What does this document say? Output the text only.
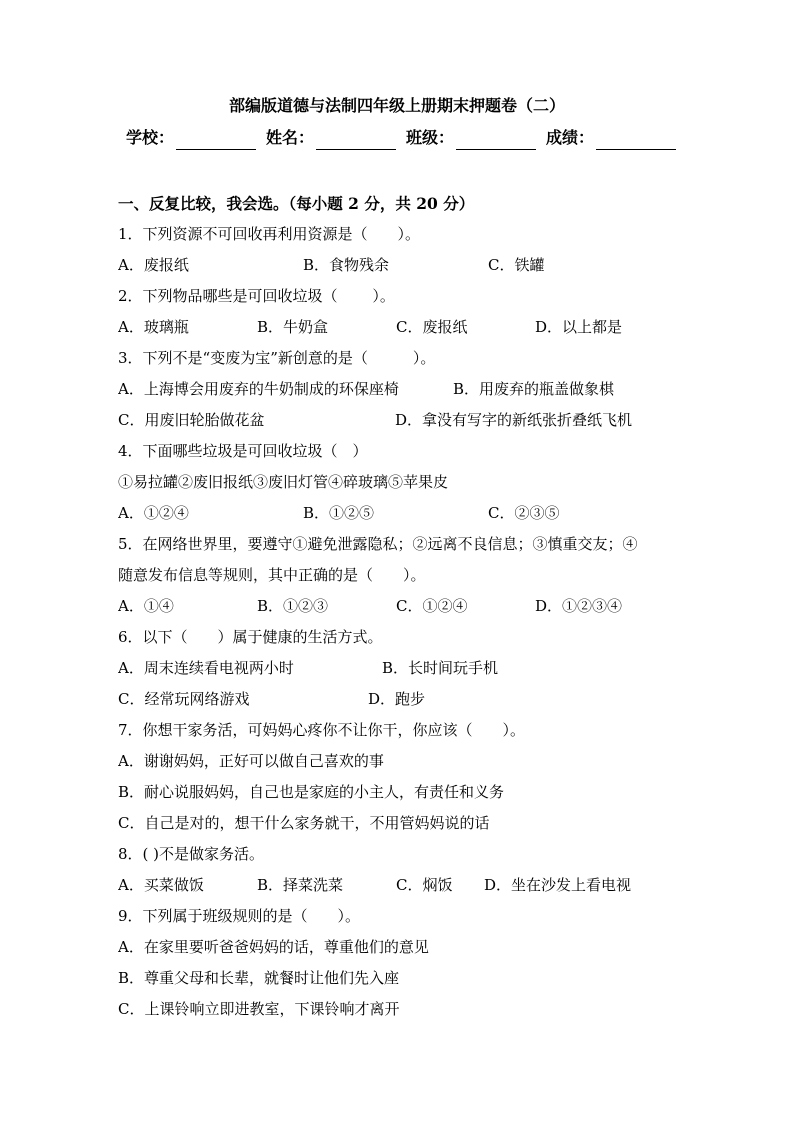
部编版道德与法制四年级上册期末押题卷（二）
学校：	姓名：	班级：	成绩：
一、反复比较，我会选。（每小题 2 分，共 20 分）
1．下列资源不可回收再利用资源是（　　）。
A．废报纸	B．食物残余	C．铁罐
2．下列物品哪些是可回收垃圾（　　 ）。
A．玻璃瓶	B．牛奶盒	C．废报纸	D．以上都是
3．下列不是“变废为宝”新创意的是（　　　）。
A．上海博会用废弃的牛奶制成的环保座椅	B．用废弃的瓶盖做象棋
C．用废旧轮胎做花盆	D．拿没有写字的新纸张折叠纸飞机
4．下面哪些垃圾是可回收垃圾（　）
①易拉罐②废旧报纸③废旧灯管④碎玻璃⑤苹果皮
A．①②④	B．①②⑤	C．②③⑤
5．在网络世界里，要遵守①避免泄露隐私；②远离不良信息；③慎重交友；④
随意发布信息等规则，其中正确的是（　　）。
A．①④	B．①②③	C．①②④	D．①②③④
6．以下（　　）属于健康的生活方式。
A．周末连续看电视两小时	B．长时间玩手机
C．经常玩网络游戏	D．跑步
7．你想干家务活，可妈妈心疼你不让你干，你应该（　　）。
A．谢谢妈妈，正好可以做自己喜欢的事
B．耐心说服妈妈，自己也是家庭的小主人，有责任和义务
C．自己是对的，想干什么家务就干，不用管妈妈说的话
8．( )不是做家务活。
A．买菜做饭	B．择菜洗菜	C．焖饭	D．坐在沙发上看电视
9．下列属于班级规则的是（　　）。
A．在家里要听爸爸妈妈的话，尊重他们的意见
B．尊重父母和长辈，就餐时让他们先入座
C．上课铃响立即进教室，下课铃响才离开
